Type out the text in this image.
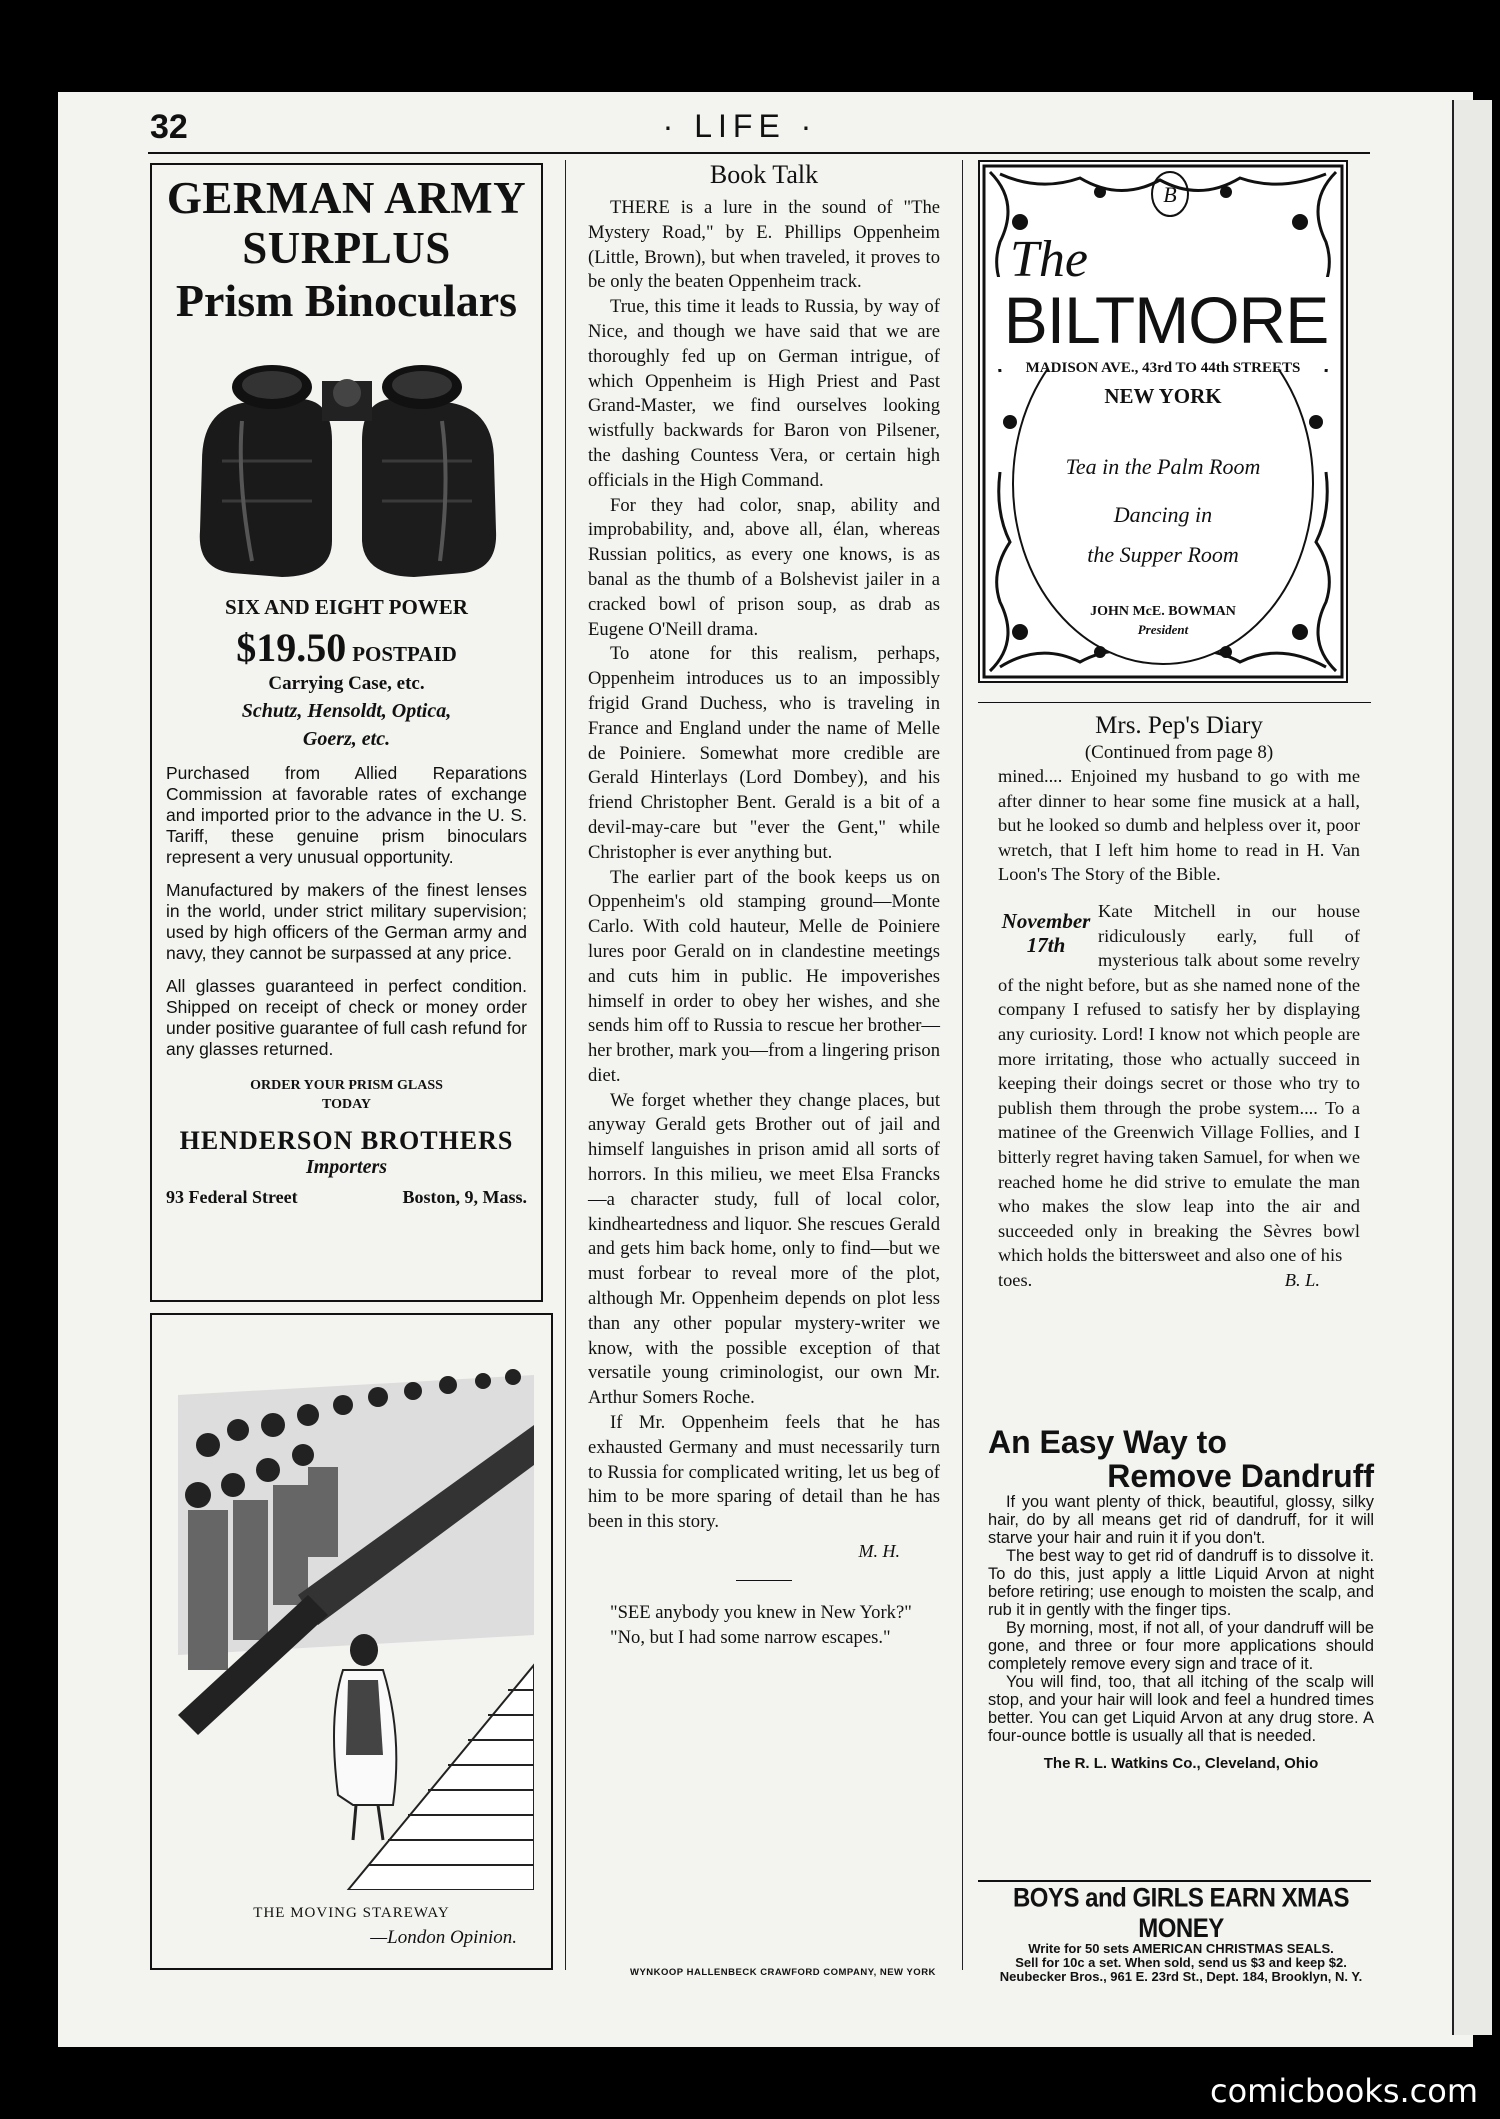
32	· LIFE ·
GERMAN ARMY
SURPLUS
Prism Binoculars
SIX AND EIGHT POWER
$19.50 POSTPAID
Carrying Case, etc.
Schutz, Hensoldt, Optica,
Goerz, etc.

Purchased from Allied Reparations Commission at favorable rates of exchange and imported prior to the advance in the U. S. Tariff, these genuine prism binoculars represent a very unusual opportunity.

Manufactured by makers of the finest lenses in the world, under strict military supervision; used by high officers of the German army and navy, they cannot be surpassed at any price.

All glasses guaranteed in perfect condition. Shipped on receipt of check or money order under positive guarantee of full cash refund for any glasses returned.

ORDER YOUR PRISM GLASS
TODAY
HENDERSON BROTHERS
Importers
93 Federal Street	Boston, 9, Mass.
THE MOVING STAREWAY
—London Opinion.
Book Talk

THERE is a lure in the sound of "The Mystery Road," by E. Phillips Oppenheim (Little, Brown), but when traveled, it proves to be only the beaten Oppenheim track.

True, this time it leads to Russia, by way of Nice, and though we have said that we are thoroughly fed up on German intrigue, of which Oppenheim is High Priest and Past Grand-Master, we find ourselves looking wistfully backwards for Baron von Pilsener, the dashing Countess Vera, or certain high officials in the High Command.

For they had color, snap, ability and improbability, and, above all, élan, whereas Russian politics, as every one knows, is as banal as the thumb of a Bolshevist jailer in a cracked bowl of prison soup, as drab as Eugene O'Neill drama.

To atone for this realism, perhaps, Oppenheim introduces us to an impossibly frigid Grand Duchess, who is traveling in France and England under the name of Melle de Poiniere. Somewhat more credible are Gerald Hinterlays (Lord Dombey), and his friend Christopher Bent. Gerald is a bit of a devil-may-care but "ever the Gent," while Christopher is ever anything but.

The earlier part of the book keeps us on Oppenheim's old stamping ground—Monte Carlo. With cold hauteur, Melle de Poiniere lures poor Gerald on in clandestine meetings and cuts him in public. He impoverishes himself in order to obey her wishes, and she sends him off to Russia to rescue her brother—her brother, mark you—from a lingering prison diet.

We forget whether they change places, but anyway Gerald gets Brother out of jail and himself languishes in prison amid all sorts of horrors. In this milieu, we meet Elsa Francks—a character study, full of local color, kindheartedness and liquor. She rescues Gerald and gets him back home, only to find—but we must forbear to reveal more of the plot, although Mr. Oppenheim depends on plot less than any other popular mystery-writer we know, with the possible exception of that versatile young criminologist, our own Mr. Arthur Somers Roche.

If Mr. Oppenheim feels that he has exhausted Germany and must necessarily turn to Russia for complicated writing, let us beg of him to be more sparing of detail than he has been in this story.

M. H.

"SEE anybody you knew in New York?"

"No, but I had some narrow escapes."

WYNKOOP HALLENBECK CRAWFORD COMPANY, NEW YORK
B
The
BILTMORE
MADISON AVE., 43rd TO 44th STREETS
NEW YORK
Tea in the Palm Room
Dancing in
the Supper Room
JOHN McE. BOWMAN
President
Mrs. Pep's Diary
(Continued from page 8)

mined.... Enjoined my husband to go with me after dinner to hear some fine musick at a hall, but he looked so dumb and helpless over it, poor wretch, that I left him home to read in H. Van Loon's The Story of the Bible.

November
17th

Kate Mitchell in our house ridiculously early, full of mysterious talk about some revelry of the night before, but as she named none of the company I refused to satisfy her by displaying any curiosity. Lord! I know not which people are more irritating, those who actually succeed in keeping their doings secret or those who try to publish them through the probe system.... To a matinee of the Greenwich Village Follies, and I bitterly regret having taken Samuel, for when we reached home he did strive to emulate the man who makes the slow leap into the air and succeeded only in breaking the Sèvres bowl which holds the bittersweet and also one of his

toes.	B. L.
An Easy Way to
Remove Dandruff

If you want plenty of thick, beautiful, glossy, silky hair, do by all means get rid of dandruff, for it will starve your hair and ruin it if you don't.

The best way to get rid of dandruff is to dissolve it. To do this, just apply a little Liquid Arvon at night before retiring; use enough to moisten the scalp, and rub it in gently with the finger tips.

By morning, most, if not all, of your dandruff will be gone, and three or four more applications should completely remove every sign and trace of it.

You will find, too, that all itching of the scalp will stop, and your hair will look and feel a hundred times better. You can get Liquid Arvon at any drug store. A four-ounce bottle is usually all that is needed.

The R. L. Watkins Co., Cleveland, Ohio
BOYS and GIRLS EARN XMAS MONEY
Write for 50 sets AMERICAN CHRISTMAS SEALS.
Sell for 10c a set. When sold, send us $3 and keep $2.
Neubecker Bros., 961 E. 23rd St., Dept. 184, Brooklyn, N. Y.
comicbooks.com
